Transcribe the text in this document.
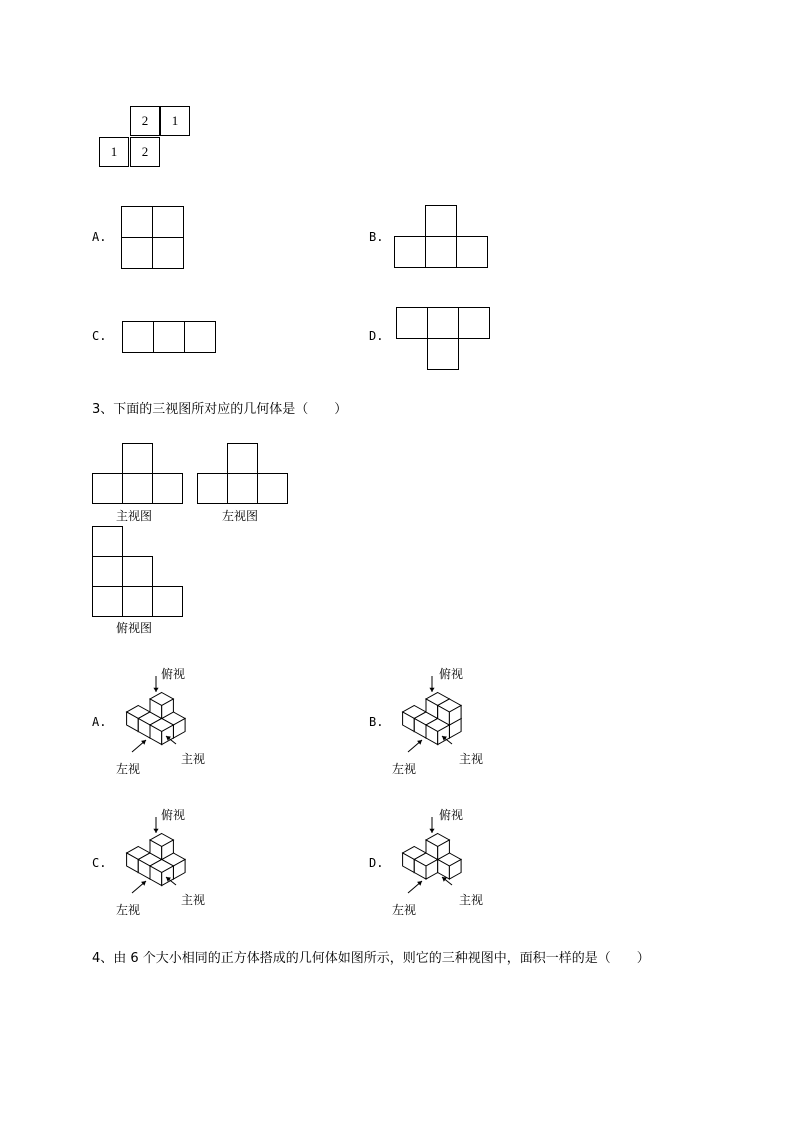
2	1
1	2
A.	B.
C.	D.
3、下面的三视图所对应的几何体是（　　）
主视图	左视图
俯视图
A.
俯视
左视
主视
B.
俯视
左视
主视
C.
俯视
左视
主视
D.
俯视
左视
主视
4、由 6 个大小相同的正方体搭成的几何体如图所示，则它的三种视图中，面积一样的是（　　）
